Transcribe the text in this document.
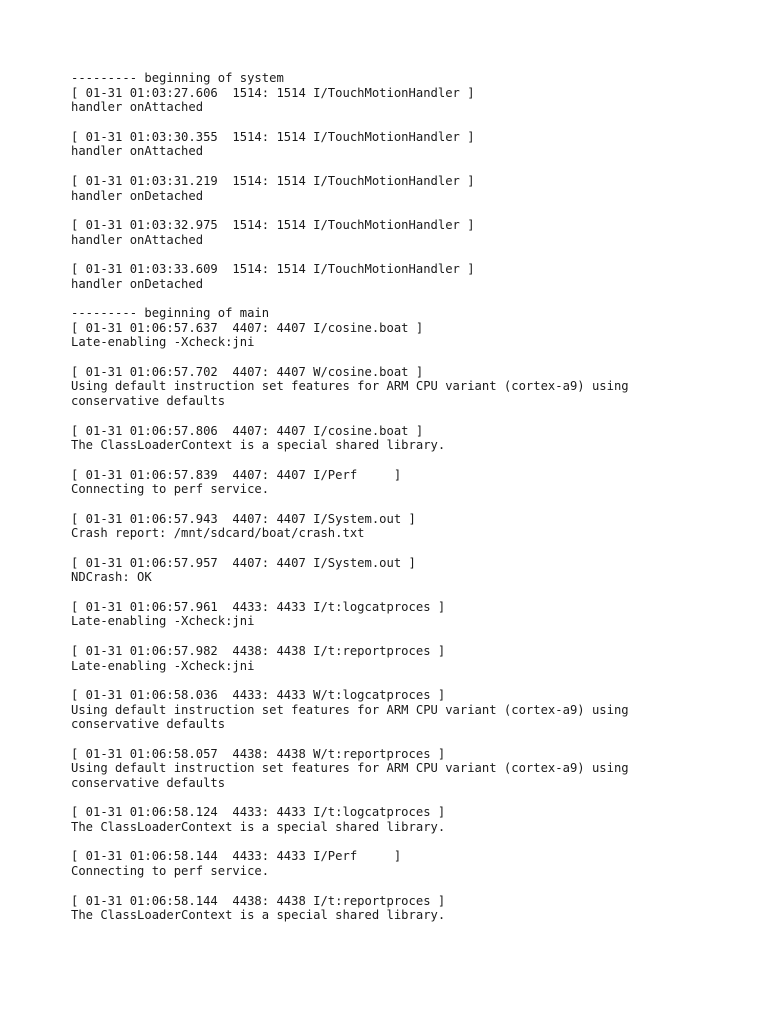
--------- beginning of system
[ 01-31 01:03:27.606  1514: 1514 I/TouchMotionHandler ]
handler onAttached
[ 01-31 01:03:30.355  1514: 1514 I/TouchMotionHandler ]
handler onAttached
[ 01-31 01:03:31.219  1514: 1514 I/TouchMotionHandler ]
handler onDetached
[ 01-31 01:03:32.975  1514: 1514 I/TouchMotionHandler ]
handler onAttached
[ 01-31 01:03:33.609  1514: 1514 I/TouchMotionHandler ]
handler onDetached
--------- beginning of main
[ 01-31 01:06:57.637  4407: 4407 I/cosine.boat ]
Late-enabling -Xcheck:jni
[ 01-31 01:06:57.702  4407: 4407 W/cosine.boat ]
Using default instruction set features for ARM CPU variant (cortex-a9) using
conservative defaults
[ 01-31 01:06:57.806  4407: 4407 I/cosine.boat ]
The ClassLoaderContext is a special shared library.
[ 01-31 01:06:57.839  4407: 4407 I/Perf     ]
Connecting to perf service.
[ 01-31 01:06:57.943  4407: 4407 I/System.out ]
Crash report: /mnt/sdcard/boat/crash.txt
[ 01-31 01:06:57.957  4407: 4407 I/System.out ]
NDCrash: OK
[ 01-31 01:06:57.961  4433: 4433 I/t:logcatproces ]
Late-enabling -Xcheck:jni
[ 01-31 01:06:57.982  4438: 4438 I/t:reportproces ]
Late-enabling -Xcheck:jni
[ 01-31 01:06:58.036  4433: 4433 W/t:logcatproces ]
Using default instruction set features for ARM CPU variant (cortex-a9) using
conservative defaults
[ 01-31 01:06:58.057  4438: 4438 W/t:reportproces ]
Using default instruction set features for ARM CPU variant (cortex-a9) using
conservative defaults
[ 01-31 01:06:58.124  4433: 4433 I/t:logcatproces ]
The ClassLoaderContext is a special shared library.
[ 01-31 01:06:58.144  4433: 4433 I/Perf     ]
Connecting to perf service.
[ 01-31 01:06:58.144  4438: 4438 I/t:reportproces ]
The ClassLoaderContext is a special shared library.
